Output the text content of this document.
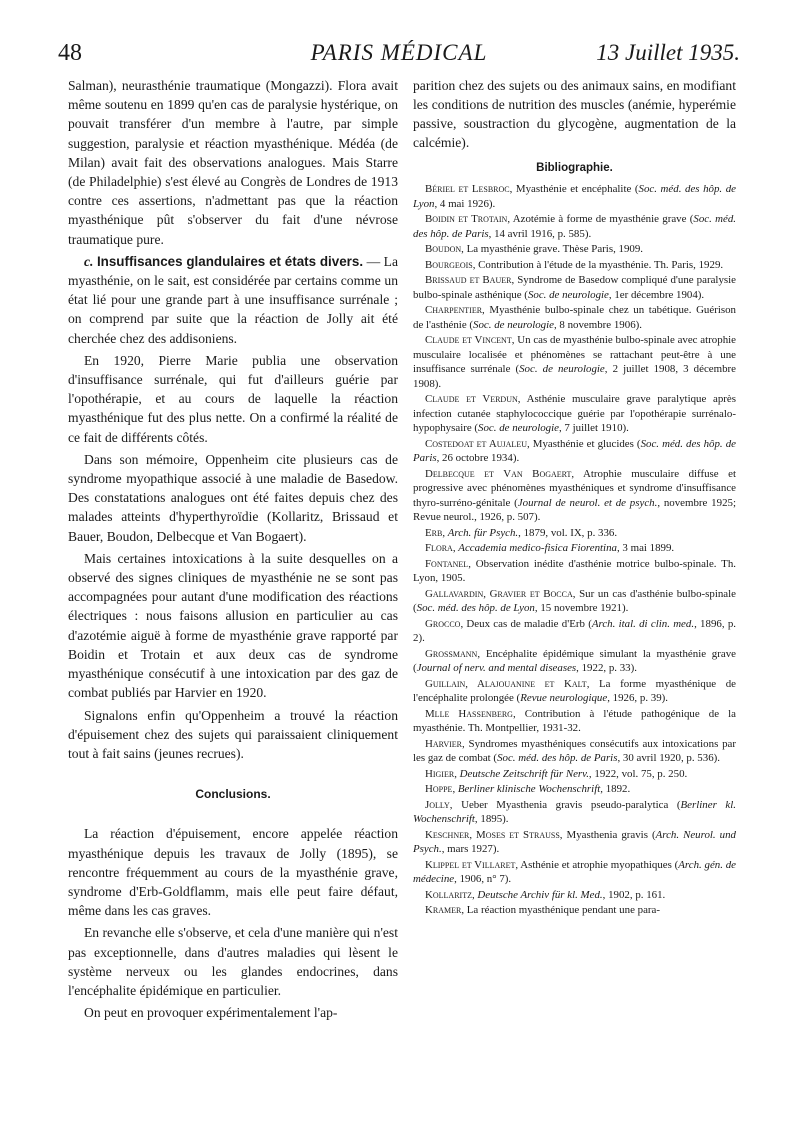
48	PARIS MÉDICAL	13 Juillet 1935.

Salman), neurasthénie traumatique (Mongazzi). Flora avait même soutenu en 1899 qu'en cas de paralysie hystérique, on pouvait transférer d'un membre à l'autre, par simple suggestion, paralysie et réaction myasthénique. Médéa (de Milan) avait fait des observations analogues. Mais Starre (de Philadelphie) s'est élevé au Congrès de Londres de 1913 contre ces assertions, n'admettant pas que la réaction myasthénique pût s'observer du fait d'une névrose traumatique pure.

c. Insuffisances glandulaires et états divers. — La myasthénie, on le sait, est considérée par certains comme un état lié pour une grande part à une insuffisance surrénale ; on comprend par suite que la réaction de Jolly ait été cherchée chez des addisoniens.

En 1920, Pierre Marie publia une observation d'insuffisance surrénale, qui fut d'ailleurs guérie par l'opothérapie, et au cours de laquelle la réaction myasthénique fut des plus nette. On a confirmé la réalité de ce fait de différents côtés.

Dans son mémoire, Oppenheim cite plusieurs cas de syndrome myopathique associé à une maladie de Basedow. Des constatations analogues ont été faites depuis chez des malades atteints d'hyperthyroïdie (Kollaritz, Brissaud et Bauer, Boudon, Delbecque et Van Bogaert).

Mais certaines intoxications à la suite desquelles on a observé des signes cliniques de myasthénie ne se sont pas accompagnées pour autant d'une modification des réactions électriques : nous faisons allusion en particulier au cas d'azotémie aiguë à forme de myasthénie grave rapporté par Boidin et Trotain et aux deux cas de syndrome myasthénique consécutif à une intoxication par des gaz de combat publiés par Harvier en 1920.

Signalons enfin qu'Oppenheim a trouvé la réaction d'épuisement chez des sujets qui paraissaient cliniquement tout à fait sains (jeunes recrues).

Conclusions.

La réaction d'épuisement, encore appelée réaction myasthénique depuis les travaux de Jolly (1895), se rencontre fréquemment au cours de la myasthénie grave, syndrome d'Erb-Goldflamm, mais elle peut faire défaut, même dans les cas graves.

En revanche elle s'observe, et cela d'une manière qui n'est pas exceptionnelle, dans d'autres maladies qui lèsent le système nerveux ou les glandes endocrines, dans l'encéphalite épidémique en particulier.

On peut en provoquer expérimentalement l'ap-

parition chez des sujets ou des animaux sains, en modifiant les conditions de nutrition des muscles (anémie, hyperémie passive, soustraction du glycogène, augmentation de la calcémie).

Bibliographie.

Bériel et Lesbroc, Myasthénie et encéphalite (Soc. méd. des hôp. de Lyon, 4 mai 1926).

Boidin et Trotain, Azotémie à forme de myasthénie grave (Soc. méd. des hôp. de Paris, 14 avril 1916, p. 585).

Boudon, La myasthénie grave. Thèse Paris, 1909.

Bourgeois, Contribution à l'étude de la myasthénie. Th. Paris, 1929.

Brissaud et Bauer, Syndrome de Basedow compliqué d'une paralysie bulbo-spinale asthénique (Soc. de neurologie, 1er décembre 1904).

Charpentier, Myasthénie bulbo-spinale chez un tabétique. Guérison de l'asthénie (Soc. de neurologie, 8 novembre 1906).

Claude et Vincent, Un cas de myasthénie bulbo-spinale avec atrophie musculaire localisée et phénomènes se rattachant peut-être à une insuffisance surrénale (Soc. de neurologie, 2 juillet 1908, 3 décembre 1908).

Claude et Verdun, Asthénie musculaire grave paralytique après infection cutanée staphylococcique guérie par l'opothérapie surrénalo-hypophysaire (Soc. de neurologie, 7 juillet 1910).

Costedoat et Aujaleu, Myasthénie et glucides (Soc. méd. des hôp. de Paris, 26 octobre 1934).

Delbecque et Van Bogaert, Atrophie musculaire diffuse et progressive avec phénomènes myasthéniques et syndrome d'insuffisance thyro-surréno-génitale (Journal de neurol. et de psych., novembre 1925; Revue neurol., 1926, p. 507).

Erb, Arch. für Psych., 1879, vol. IX, p. 336.

Flora, Accademia medico-fisica Fiorentina, 3 mai 1899.

Fontanel, Observation inédite d'asthénie motrice bulbo-spinale. Th. Lyon, 1905.

Gallavardin, Gravier et Bocca, Sur un cas d'asthénie bulbo-spinale (Soc. méd. des hôp. de Lyon, 15 novembre 1921).

Grocco, Deux cas de maladie d'Erb (Arch. ital. di clin. med., 1896, p. 2).

Grossmann, Encéphalite épidémique simulant la myasthénie grave (Journal of nerv. and mental diseases, 1922, p. 33).

Guillain, Alajouanine et Kalt, La forme myasthénique de l'encéphalite prolongée (Revue neurologique, 1926, p. 39).

Mlle Hassenberg, Contribution à l'étude pathogénique de la myasthénie. Th. Montpellier, 1931-32.

Harvier, Syndromes myasthéniques consécutifs aux intoxications par les gaz de combat (Soc. méd. des hôp. de Paris, 30 avril 1920, p. 536).

Higier, Deutsche Zeitschrift für Nerv., 1922, vol. 75, p. 250.

Hoppe, Berliner klinische Wochenschrift, 1892.

Jolly, Ueber Myasthenia gravis pseudo-paralytica (Berliner kl. Wochenschrift, 1895).

Keschner, Moses et Strauss, Myasthenia gravis (Arch. Neurol. und Psych., mars 1927).

Klippel et Villaret, Asthénie et atrophie myopathiques (Arch. gén. de médecine, 1906, n° 7).

Kollaritz, Deutsche Archiv für kl. Med., 1902, p. 161.

Kramer, La réaction myasthénique pendant une para-
